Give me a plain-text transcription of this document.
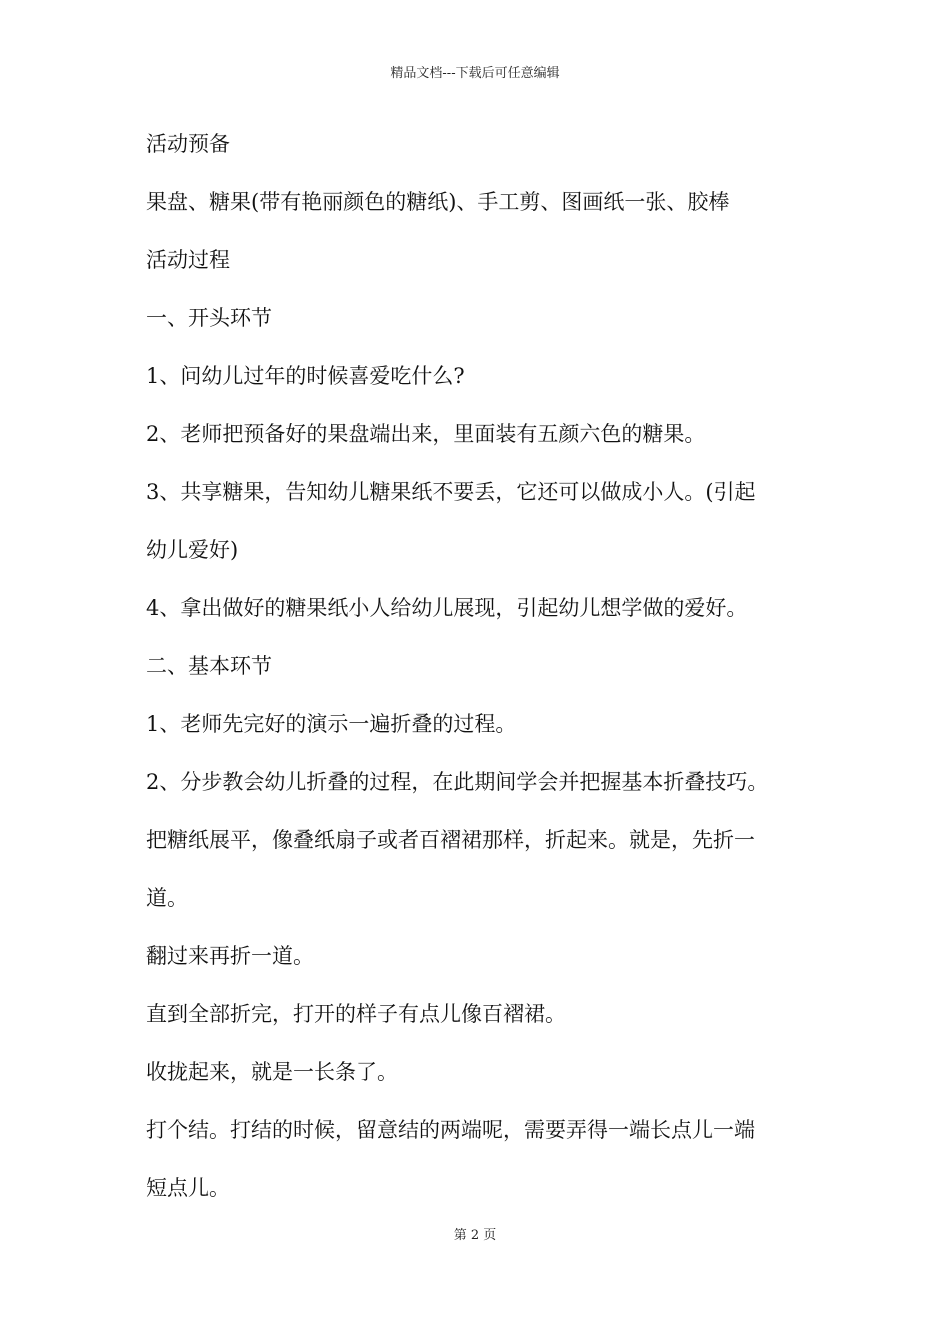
精品文档---下载后可任意编辑
活动预备
果盘、糖果(带有艳丽颜色的糖纸)、手工剪、图画纸一张、胶棒
活动过程
一、开头环节
1、问幼儿过年的时候喜爱吃什么?
2、老师把预备好的果盘端出来，里面装有五颜六色的糖果。
3、共享糖果，告知幼儿糖果纸不要丢，它还可以做成小人。(引起
幼儿爱好)
4、拿出做好的糖果纸小人给幼儿展现，引起幼儿想学做的爱好。
二、基本环节
1、老师先完好的演示一遍折叠的过程。
2、分步教会幼儿折叠的过程，在此期间学会并把握基本折叠技巧。
把糖纸展平，像叠纸扇子或者百褶裙那样，折起来。就是，先折一
道。
翻过来再折一道。
直到全部折完，打开的样子有点儿像百褶裙。
收拢起来，就是一长条了。
打个结。打结的时候，留意结的两端呢，需要弄得一端长点儿一端
短点儿。
第 2 页
